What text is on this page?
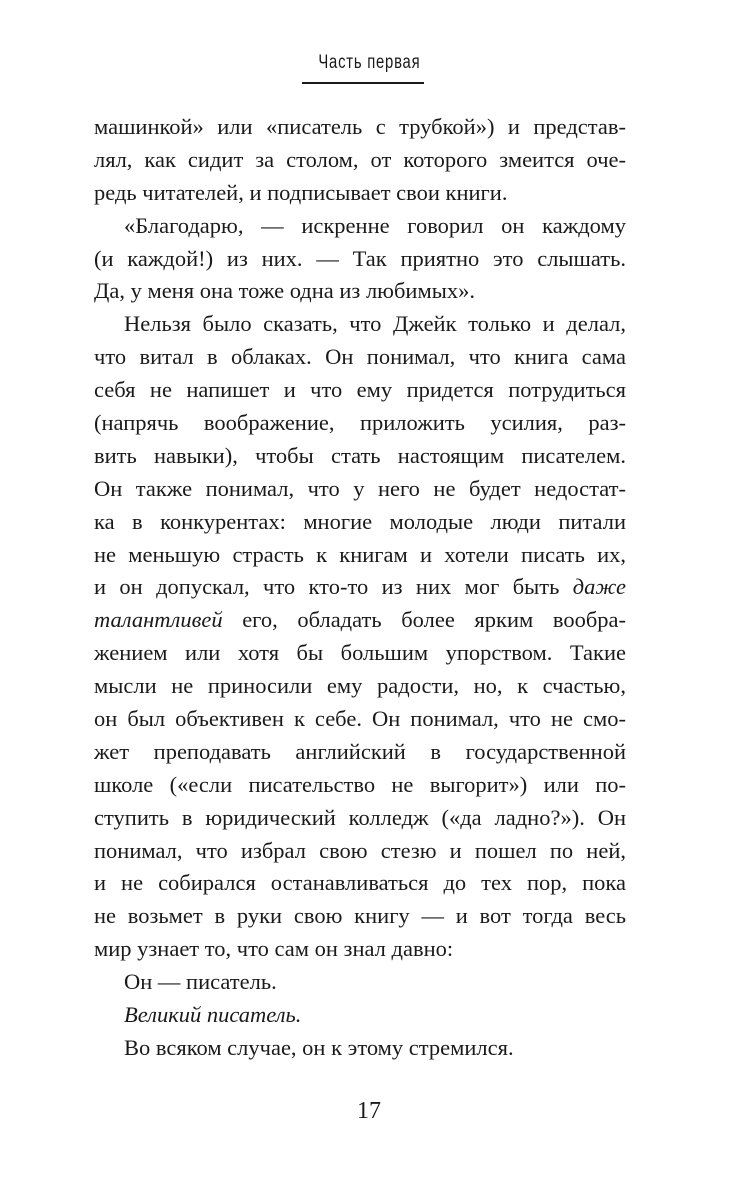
Часть первая
машинкой» или «писатель с трубкой») и представ-
лял, как сидит за столом, от которого змеится оче-
редь читателей, и подписывает свои книги.
«Благодарю, — искренне говорил он каждому
(и каждой!) из них. — Так приятно это слышать.
Да, у меня она тоже одна из любимых».
Нельзя было сказать, что Джейк только и делал,
что витал в облаках. Он понимал, что книга сама
себя не напишет и что ему придется потрудиться
(напрячь воображение, приложить усилия, раз-
вить навыки), чтобы стать настоящим писателем.
Он также понимал, что у него не будет недостат-
ка в конкурентах: многие молодые люди питали
не меньшую страсть к книгам и хотели писать их,
и он допускал, что кто-то из них мог быть даже
талантливей его, обладать более ярким вообра-
жением или хотя бы большим упорством. Такие
мысли не приносили ему радости, но, к счастью,
он был объективен к себе. Он понимал, что не смо-
жет преподавать английский в государственной
школе («если писательство не выгорит») или по-
ступить в юридический колледж («да ладно?»). Он
понимал, что избрал свою стезю и пошел по ней,
и не собирался останавливаться до тех пор, пока
не возьмет в руки свою книгу — и вот тогда весь
мир узнает то, что сам он знал давно:
Он — писатель.
Великий писатель.
Во всяком случае, он к этому стремился.
17
